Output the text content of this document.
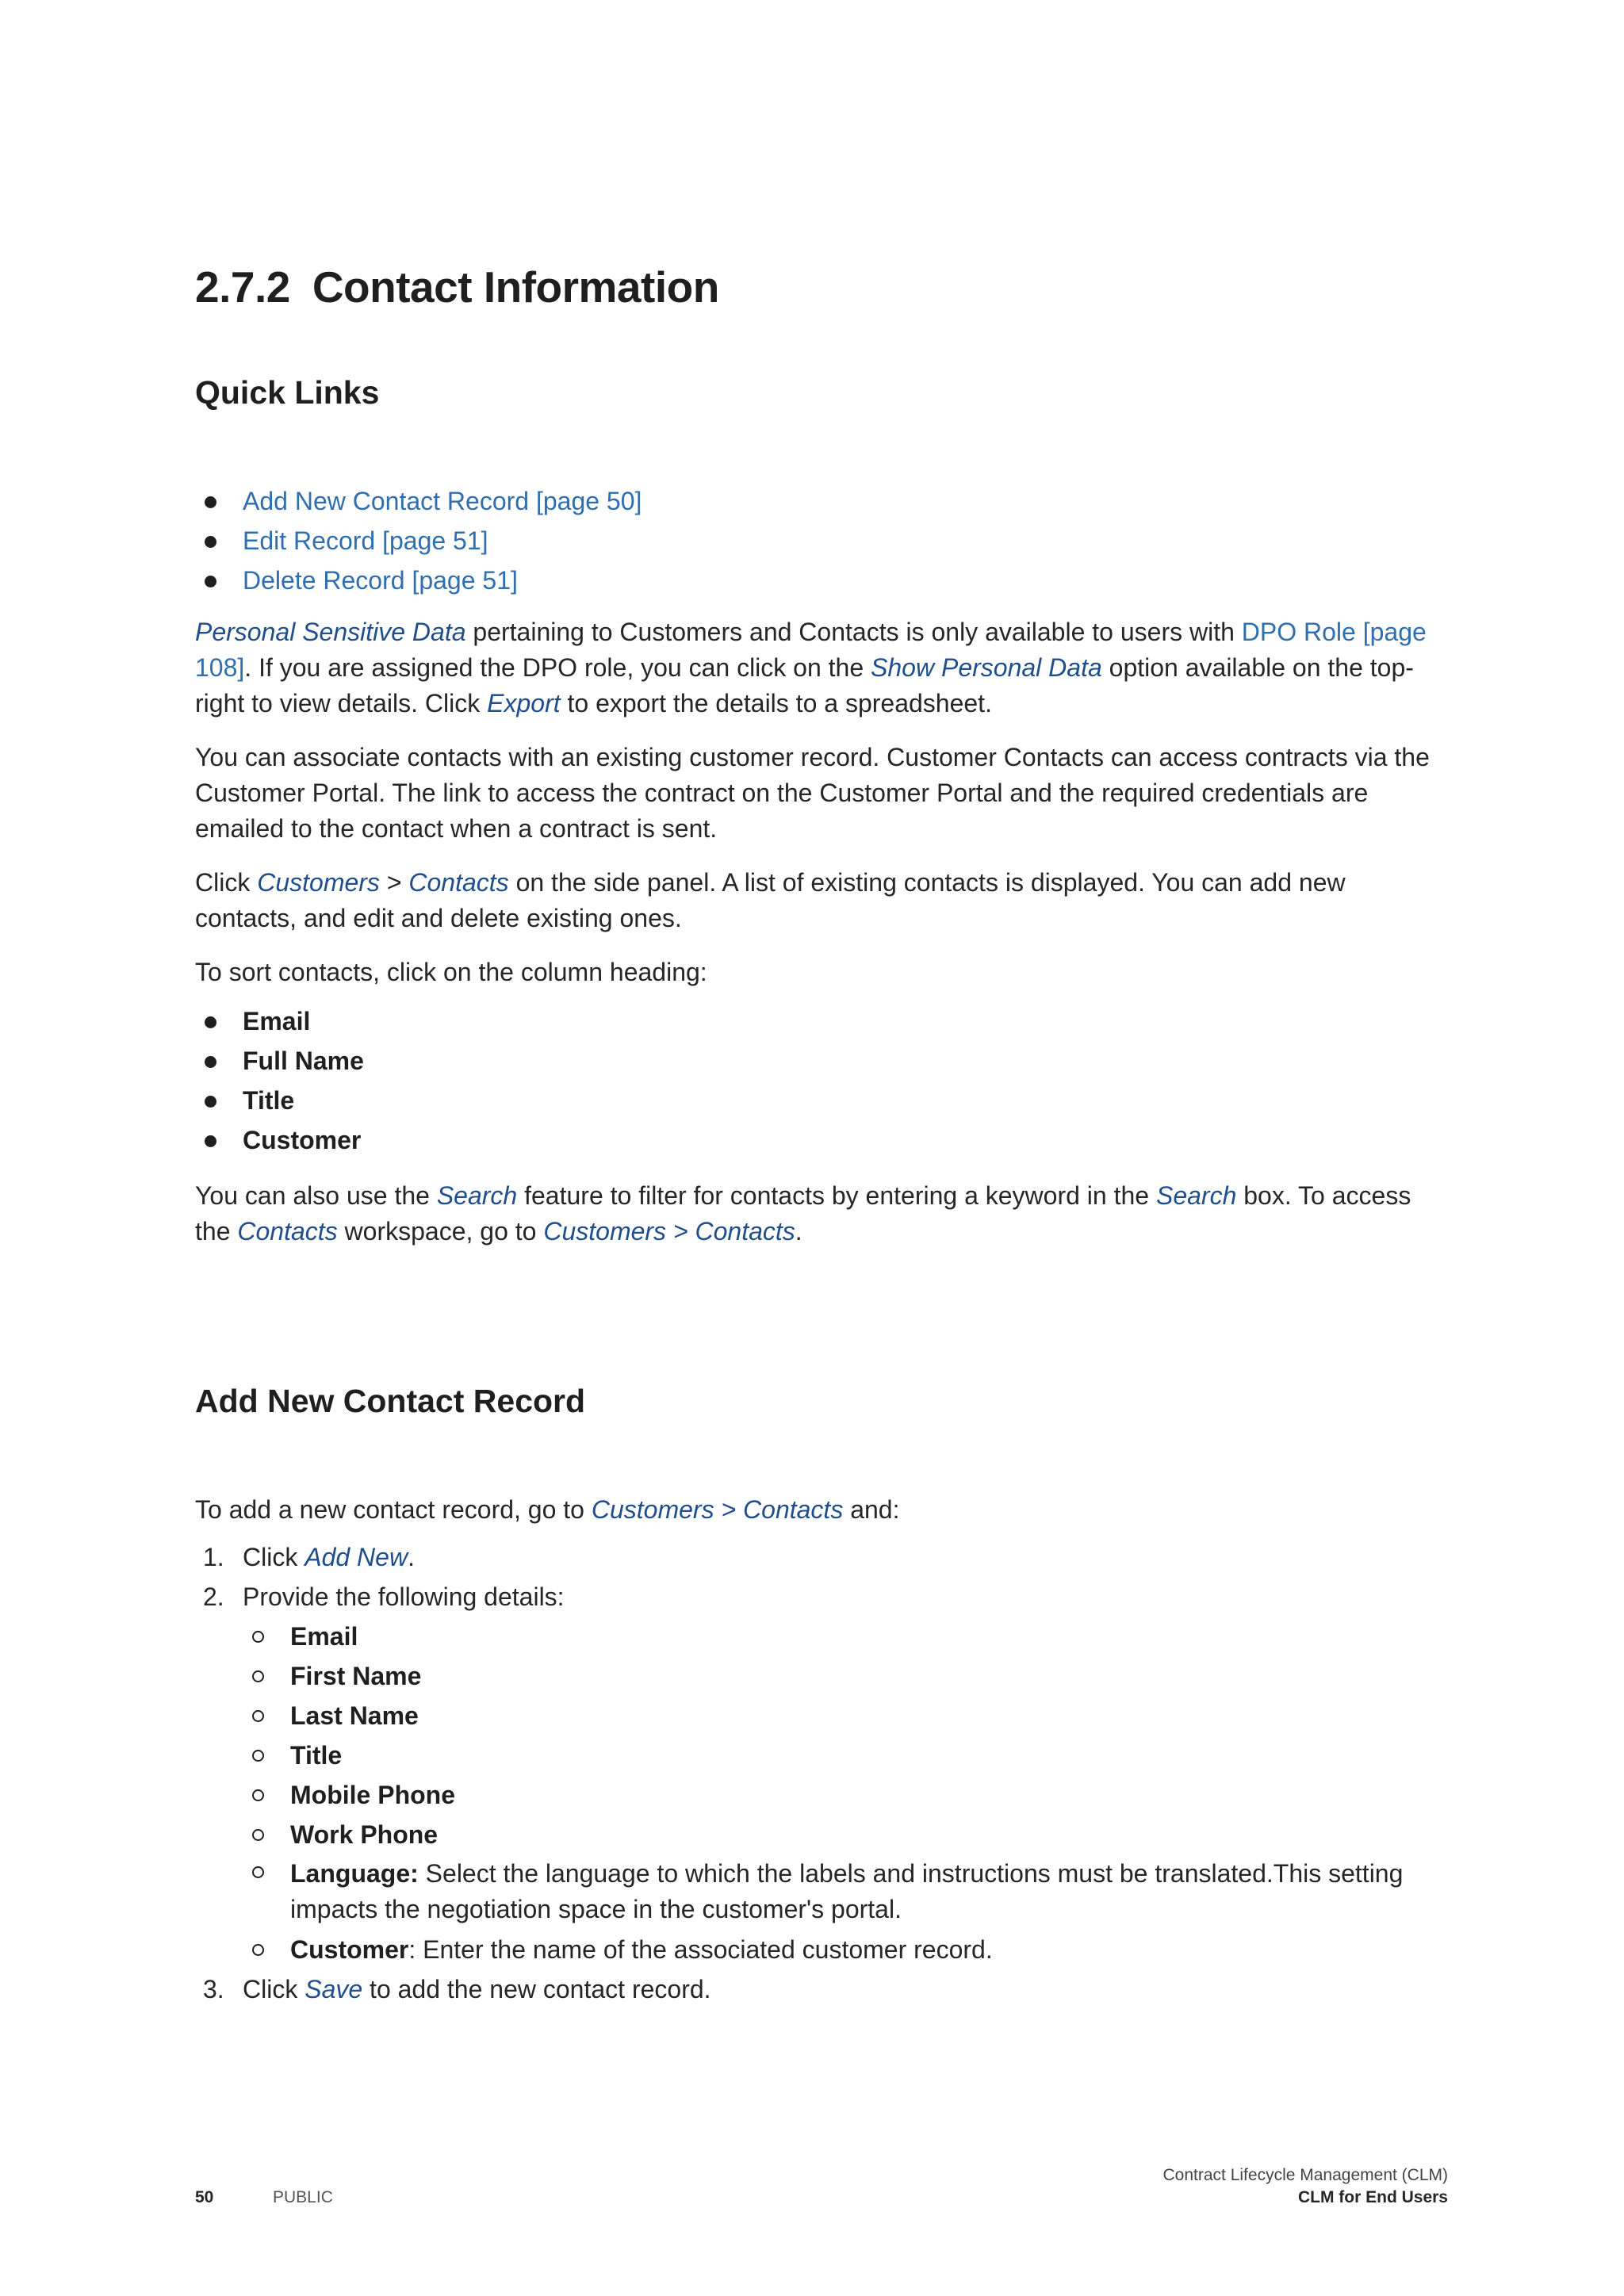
2.7.2 Contact Information
Quick Links
Add New Contact Record [page 50]
Edit Record [page 51]
Delete Record [page 51]

Personal Sensitive Data pertaining to Customers and Contacts is only available to users with DPO Role [page 108]. If you are assigned the DPO role, you can click on the Show Personal Data option available on the top-right to view details. Click Export to export the details to a spreadsheet.

You can associate contacts with an existing customer record. Customer Contacts can access contracts via the Customer Portal. The link to access the contract on the Customer Portal and the required credentials are emailed to the contact when a contract is sent.

Click Customers > Contacts on the side panel. A list of existing contacts is displayed. You can add new contacts, and edit and delete existing ones.

To sort contacts, click on the column heading:

Email
Full Name
Title
Customer

You can also use the Search feature to filter for contacts by entering a keyword in the Search box. To access the Contacts workspace, go to Customers > Contacts.

Add New Contact Record

To add a new contact record, go to Customers > Contacts and:

1. Click Add New.
2. Provide the following details:
Email
First Name
Last Name
Title
Mobile Phone
Work Phone
Language: Select the language to which the labels and instructions must be translated.This setting impacts the negotiation space in the customer's portal.
Customer: Enter the name of the associated customer record.
3. Click Save to add the new contact record.
50	PUBLIC
Contract Lifecycle Management (CLM)
CLM for End Users
